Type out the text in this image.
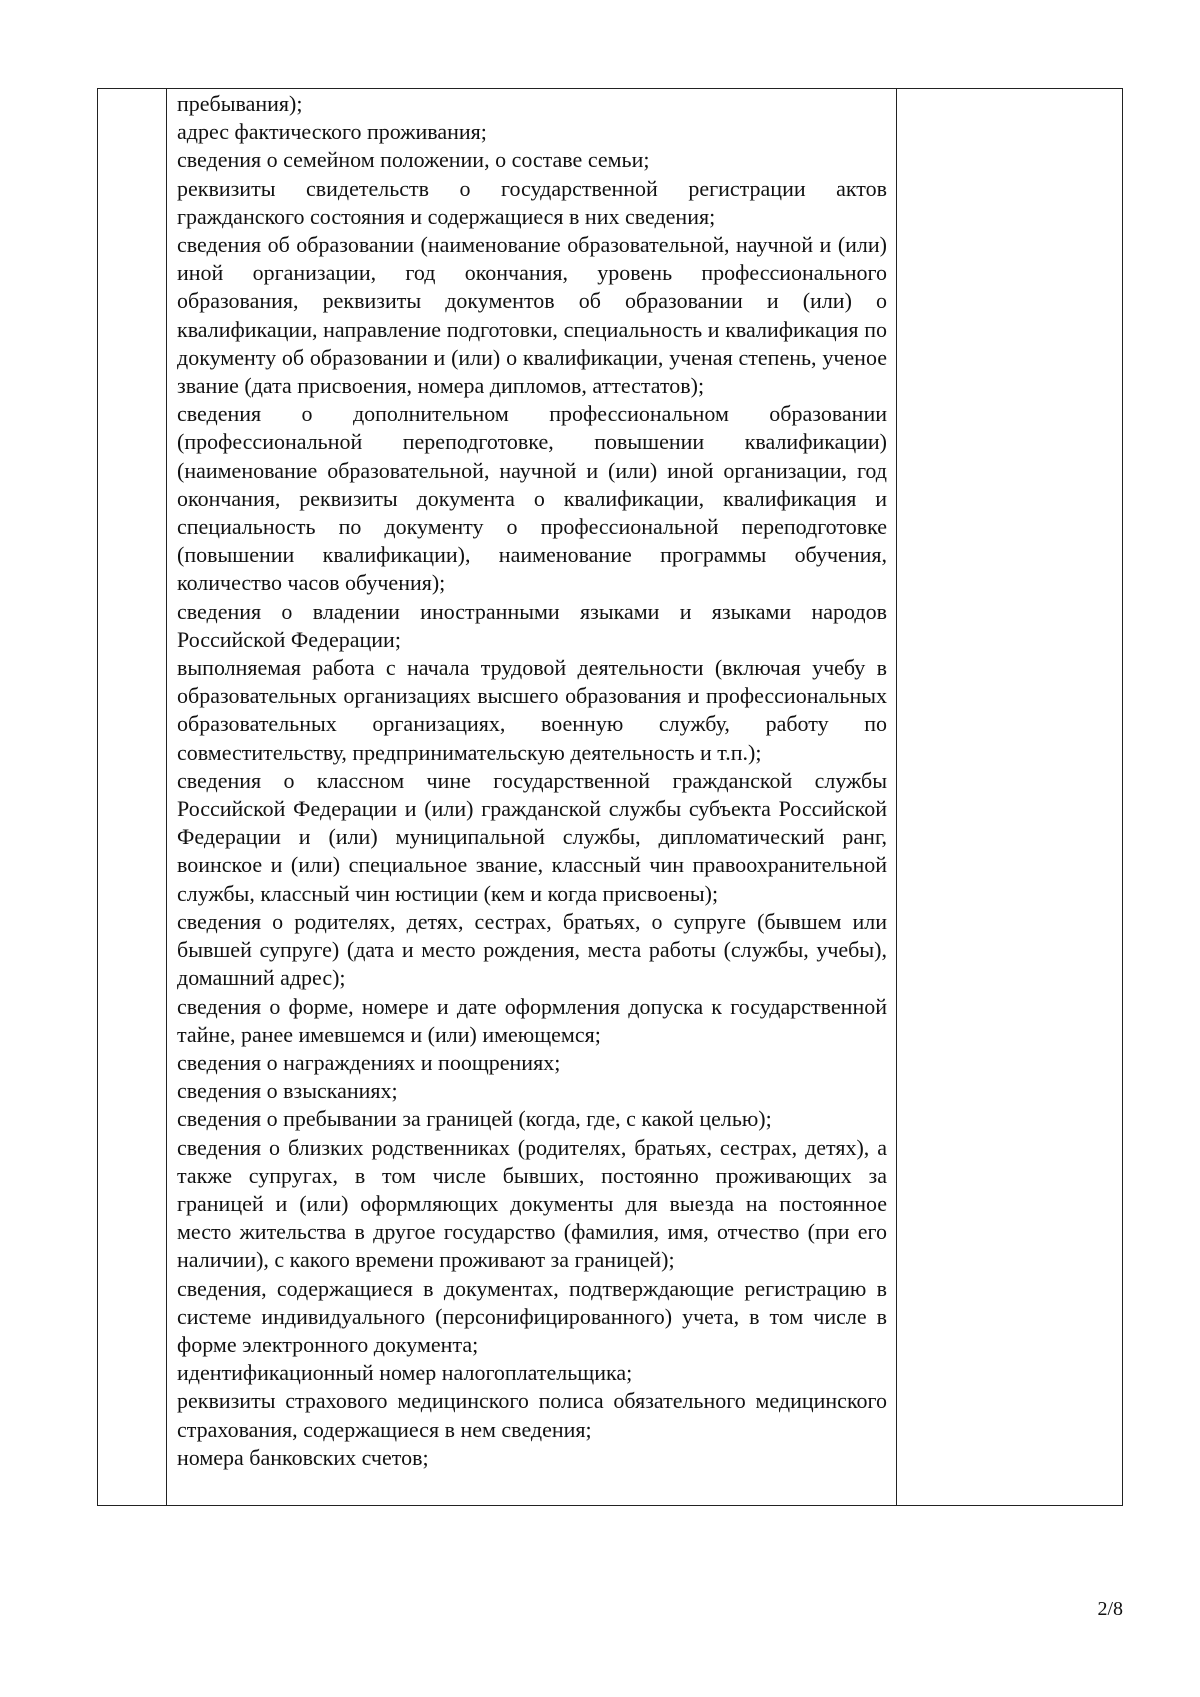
пребывания);

адрес фактического проживания;

сведения о семейном положении, о составе семьи;

реквизиты свидетельств о государственной регистрации актов гражданского состояния и содержащиеся в них сведения;

сведения об образовании (наименование образовательной, научной и (или) иной организации, год окончания, уровень профессионального образования, реквизиты документов об образовании и (или) о квалификации, направление подготовки, специальность и квалификация по документу об образовании и (или) о квалификации, ученая степень, ученое звание (дата присвоения, номера дипломов, аттестатов);

сведения о дополнительном профессиональном образовании (профессиональной переподготовке, повышении квалификации) (наименование образовательной, научной и (или) иной организации, год окончания, реквизиты документа о квалификации, квалификация и специальность по документу о профессиональной переподготовке (повышении квалификации), наименование программы обучения, количество часов обучения);

сведения о владении иностранными языками и языками народов Российской Федерации;

выполняемая работа с начала трудовой деятельности (включая учебу в образовательных организациях высшего образования и профессиональных образовательных организациях, военную службу, работу по совместительству, предпринимательскую деятельность и т.п.);

сведения о классном чине государственной гражданской службы Российской Федерации и (или) гражданской службы субъекта Российской Федерации и (или) муниципальной службы, дипломатический ранг, воинское и (или) специальное звание, классный чин правоохранительной службы, классный чин юстиции (кем и когда присвоены);

сведения о родителях, детях, сестрах, братьях, о супруге (бывшем или бывшей супруге) (дата и место рождения, места работы (службы, учебы), домашний адрес);

сведения о форме, номере и дате оформления допуска к государственной тайне, ранее имевшемся и (или) имеющемся;

сведения о награждениях и поощрениях;

сведения о взысканиях;

сведения о пребывании за границей (когда, где, с какой целью);

сведения о близких родственниках (родителях, братьях, сестрах, детях), а также супругах, в том числе бывших, постоянно проживающих за границей и (или) оформляющих документы для выезда на постоянное место жительства в другое государство (фамилия, имя, отчество (при его наличии), с какого времени проживают за границей);

сведения, содержащиеся в документах, подтверждающие регистрацию в системе индивидуального (персонифицированного) учета, в том числе в форме электронного документа;

идентификационный номер налогоплательщика;

реквизиты страхового медицинского полиса обязательного медицинского страхования, содержащиеся в нем сведения;

номера банковских счетов;

2/8
